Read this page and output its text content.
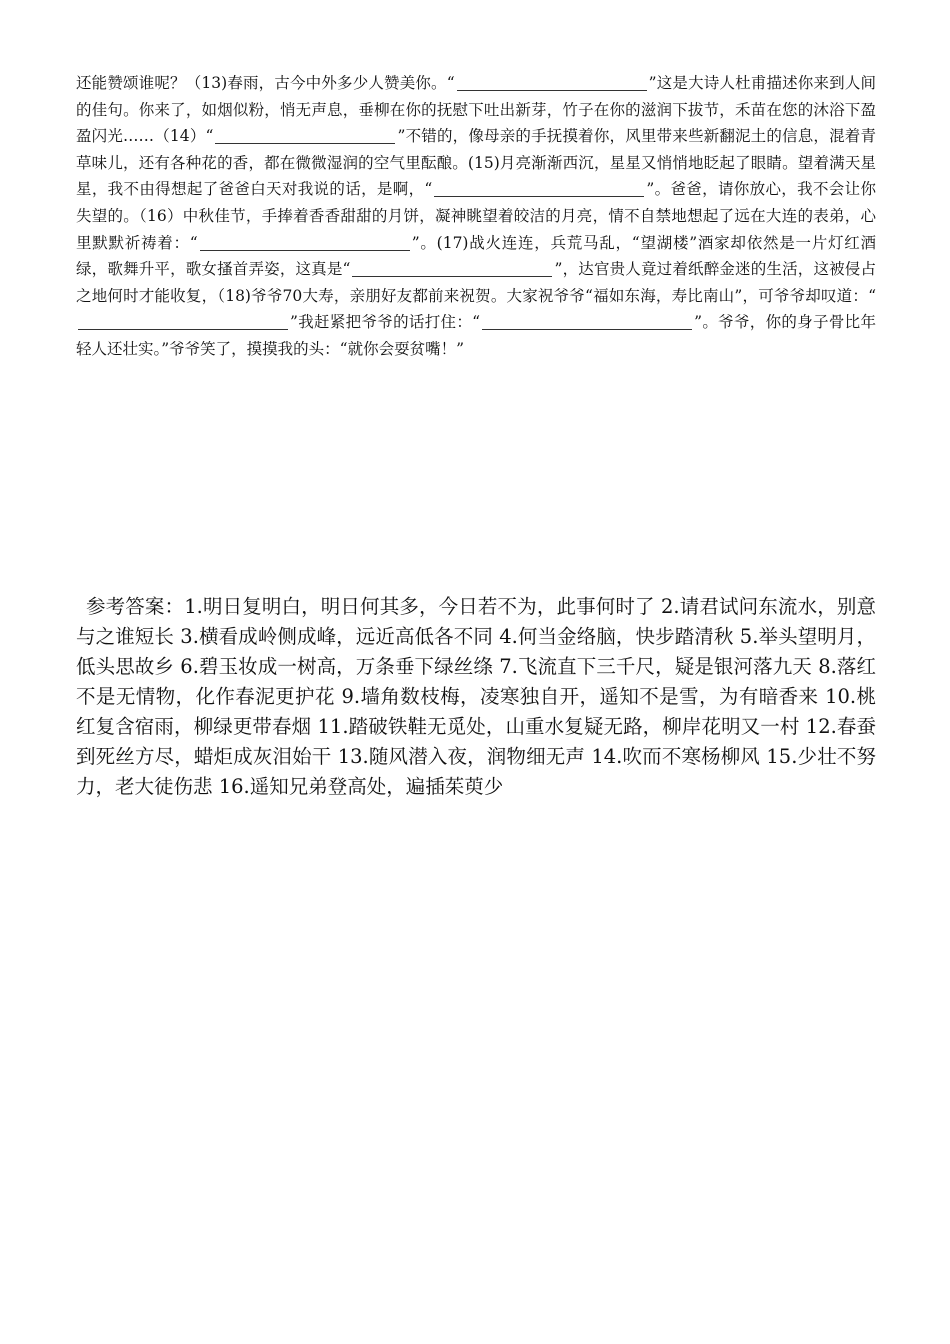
还能赞颂谁呢？（13)春雨，古今中外多少人赞美你。“	”这是大诗人杜甫描述你来到人间的佳句。你来了，如烟似粉，悄无声息，垂柳在你的抚慰下吐出新芽，竹子在你的滋润下拔节，禾苗在您的沐浴下盈盈闪光……（14）“	”不错的，像母亲的手抚摸着你，风里带来些新翻泥土的信息，混着青草味儿，还有各种花的香，都在微微湿润的空气里酝酿。(15)月亮渐渐西沉，星星又悄悄地眨起了眼睛。望着满天星星，我不由得想起了爸爸白天对我说的话，是啊，“	”。爸爸，请你放心，我不会让你失望的。（16）中秋佳节，手捧着香香甜甜的月饼，凝神眺望着皎洁的月亮，情不自禁地想起了远在大连的表弟，心里默默祈祷着：“	”。(17)战火连连，兵荒马乱，“望湖楼”酒家却依然是一片灯红酒绿，歌舞升平，歌女搔首弄姿，这真是“	”，达官贵人竟过着纸醉金迷的生活，这被侵占之地何时才能收复，（18)爷爷70大寿，亲朋好友都前来祝贺。大家祝爷爷“福如东海，寿比南山”，可爷爷却叹道：“”我赶紧把爷爷的话打住：“	”。爷爷，你的身子骨比年轻人还壮实。”爷爷笑了，摸摸我的头：“就你会耍贫嘴！”
参考答案：1.明日复明白，明日何其多，今日若不为，此事何时了 2.请君试问东流水，别意与之谁短长 3.横看成岭侧成峰，远近高低各不同 4.何当金络脑，快步踏清秋 5.举头望明月，低头思故乡 6.碧玉妆成一树高，万条垂下绿丝绦 7.飞流直下三千尺，疑是银河落九天 8.落红不是无情物，化作春泥更护花 9.墙角数枝梅，凌寒独自开，遥知不是雪，为有暗香来 10.桃红复含宿雨，柳绿更带春烟 11.踏破铁鞋无觅处，山重水复疑无路，柳岸花明又一村 12.春蚕到死丝方尽，蜡炬成灰泪始干 13.随风潜入夜，润物细无声 14.吹而不寒杨柳风 15.少壮不努力，老大徒伤悲 16.遥知兄弟登高处，遍插茱萸少
